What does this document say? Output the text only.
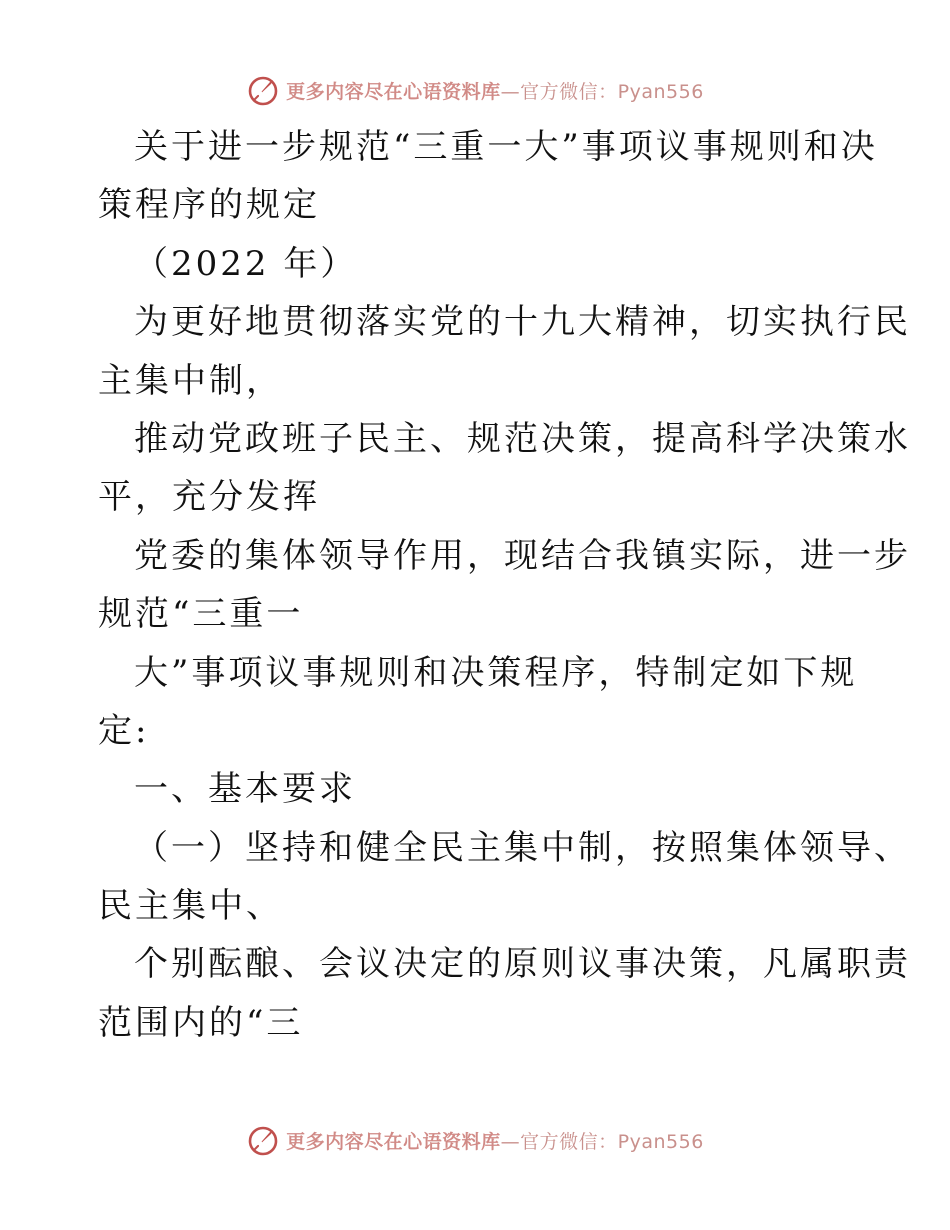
更多内容尽在心语资料库—官方微信：Pyan556
关于进一步规范“三重一大”事项议事规则和决
策程序的规定
（2022 年）
为更好地贯彻落实党的十九大精神，切实执行民
主集中制，
推动党政班子民主、规范决策，提高科学决策水
平，充分发挥
党委的集体领导作用，现结合我镇实际，进一步
规范“三重一
大”事项议事规则和决策程序，特制定如下规
定:
一、基本要求
（一）坚持和健全民主集中制，按照集体领导、
民主集中、
个别酝酿、会议决定的原则议事决策，凡属职责
范围内的“三
更多内容尽在心语资料库—官方微信：Pyan556
